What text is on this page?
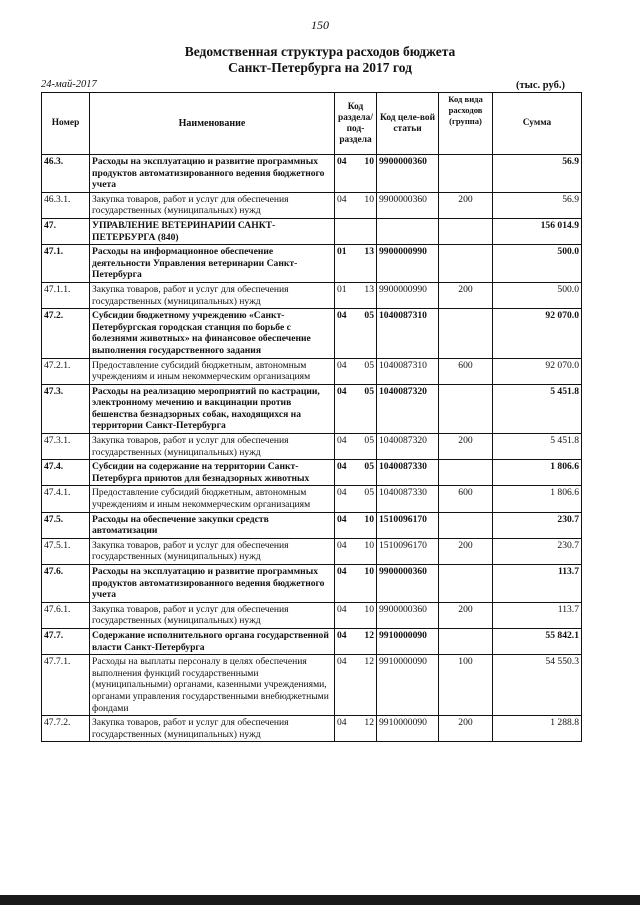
150
Ведомственная структура расходов бюджета
Санкт-Петербурга на 2017 год
24-май-2017	(тыс. руб.)
Номер	Наименование	Код раздела/ под-раздела	Код целе-вой статьи	Код вида расходов (группа)	Сумма
46.3.	Расходы на эксплуатацию и развитие программных продуктов автоматизированного ведения бюджетного учета	04 10	9900000360		56.9
46.3.1.	Закупка товаров, работ и услуг для обеспечения государственных (муниципальных) нужд	04 10	9900000360	200	56.9
47.	УПРАВЛЕНИЕ ВЕТЕРИНАРИИ САНКТ-ПЕТЕРБУРГА (840)				156 014.9
47.1.	Расходы на информационное обеспечение деятельности Управления ветеринарии Санкт-Петербурга	01 13	9900000990		500.0
47.1.1.	Закупка товаров, работ и услуг для обеспечения государственных (муниципальных) нужд	01 13	9900000990	200	500.0
47.2.	Субсидии бюджетному учреждению «Санкт-Петербургская городская станция по борьбе с болезнями животных» на финансовое обеспечение выполнения государственного задания	04 05	1040087310		92 070.0
47.2.1.	Предоставление субсидий бюджетным, автономным учреждениям и иным некоммерческим организациям	04 05	1040087310	600	92 070.0
47.3.	Расходы на реализацию мероприятий по кастрации, электронному мечению и вакцинации против бешенства безнадзорных собак, находящихся на территории Санкт-Петербурга	04 05	1040087320		5 451.8
47.3.1.	Закупка товаров, работ и услуг для обеспечения государственных (муниципальных) нужд	04 05	1040087320	200	5 451.8
47.4.	Субсидии на содержание на территории Санкт-Петербурга приютов для безнадзорных животных	04 05	1040087330		1 806.6
47.4.1.	Предоставление субсидий бюджетным, автономным учреждениям и иным некоммерческим организациям	04 05	1040087330	600	1 806.6
47.5.	Расходы на обеспечение закупки средств автоматизации	04 10	1510096170		230.7
47.5.1.	Закупка товаров, работ и услуг для обеспечения государственных (муниципальных) нужд	04 10	1510096170	200	230.7
47.6.	Расходы на эксплуатацию и развитие программных продуктов автоматизированного ведения бюджетного учета	04 10	9900000360		113.7
47.6.1.	Закупка товаров, работ и услуг для обеспечения государственных (муниципальных) нужд	04 10	9900000360	200	113.7
47.7.	Содержание исполнительного органа государственной власти Санкт-Петербурга	04 12	9910000090		55 842.1
47.7.1.	Расходы на выплаты персоналу в целях обеспечения выполнения функций государственными (муниципальными) органами, казенными учреждениями, органами управления государственными внебюджетными фондами	04 12	9910000090	100	54 550.3
47.7.2.	Закупка товаров, работ и услуг для обеспечения государственных (муниципальных) нужд	04 12	9910000090	200	1 288.8
